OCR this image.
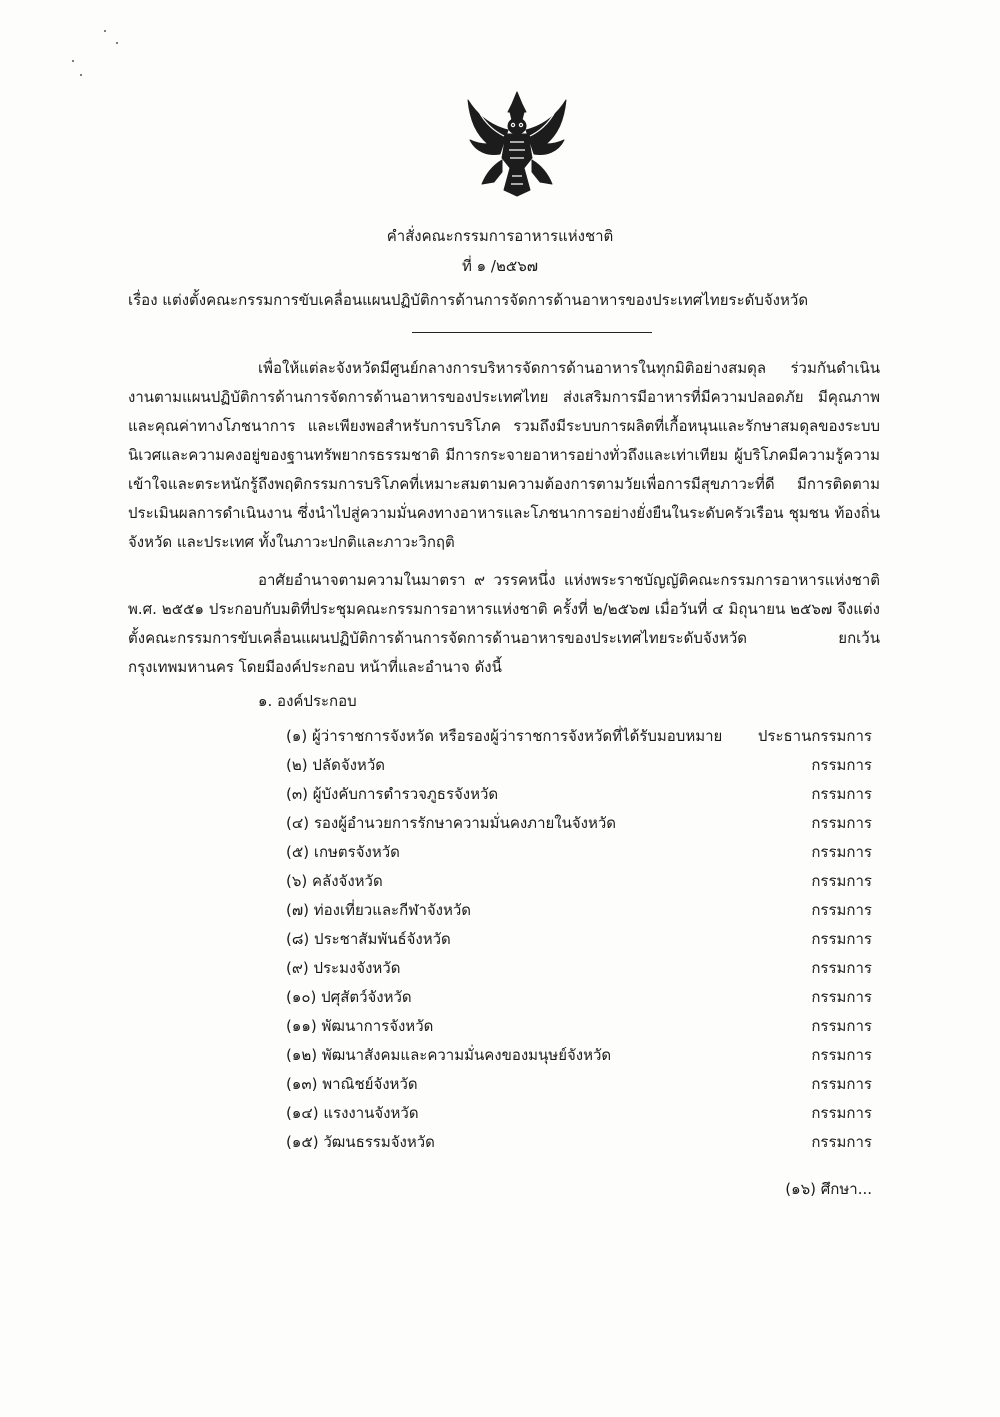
คำสั่งคณะกรรมการอาหารแห่งชาติ
ที่ ๑ /๒๕๖๗
เรื่อง แต่งตั้งคณะกรรมการขับเคลื่อนแผนปฏิบัติการด้านการจัดการด้านอาหารของประเทศไทยระดับจังหวัด
เพื่อให้แต่ละจังหวัดมีศูนย์กลางการบริหารจัดการด้านอาหารในทุกมิติอย่างสมดุล ร่วมกันดำเนินงานตามแผนปฏิบัติการด้านการจัดการด้านอาหารของประเทศไทย ส่งเสริมการมีอาหารที่มีความปลอดภัย มีคุณภาพและคุณค่าทางโภชนาการ และเพียงพอสำหรับการบริโภค รวมถึงมีระบบการผลิตที่เกื้อหนุนและรักษาสมดุลของระบบนิเวศและความคงอยู่ของฐานทรัพยากรธรรมชาติ มีการกระจายอาหารอย่างทั่วถึงและเท่าเทียม ผู้บริโภคมีความรู้ความเข้าใจและตระหนักรู้ถึงพฤติกรรมการบริโภคที่เหมาะสมตามความต้องการตามวัยเพื่อการมีสุขภาวะที่ดี มีการติดตามประเมินผลการดำเนินงาน ซึ่งนำไปสู่ความมั่นคงทางอาหารและโภชนาการอย่างยั่งยืนในระดับครัวเรือน ชุมชน ท้องถิ่น จังหวัด และประเทศ ทั้งในภาวะปกติและภาวะวิกฤติ
อาศัยอำนาจตามความในมาตรา ๙ วรรคหนึ่ง แห่งพระราชบัญญัติคณะกรรมการอาหารแห่งชาติ พ.ศ. ๒๕๕๑ ประกอบกับมติที่ประชุมคณะกรรมการอาหารแห่งชาติ ครั้งที่ ๒/๒๕๖๗ เมื่อวันที่ ๔ มิถุนายน ๒๕๖๗ จึงแต่งตั้งคณะกรรมการขับเคลื่อนแผนปฏิบัติการด้านการจัดการด้านอาหารของประเทศไทยระดับจังหวัด ยกเว้นกรุงเทพมหานคร โดยมีองค์ประกอบ หน้าที่และอำนาจ ดังนี้
๑. องค์ประกอบ
(๑) ผู้ว่าราชการจังหวัด หรือรองผู้ว่าราชการจังหวัดที่ได้รับมอบหมาย ประธานกรรมการ
(๒) ปลัดจังหวัด	กรรมการ
(๓) ผู้บังคับการตำรวจภูธรจังหวัด	กรรมการ
(๔) รองผู้อำนวยการรักษาความมั่นคงภายในจังหวัด	กรรมการ
(๕) เกษตรจังหวัด	กรรมการ
(๖) คลังจังหวัด	กรรมการ
(๗) ท่องเที่ยวและกีฬาจังหวัด	กรรมการ
(๘) ประชาสัมพันธ์จังหวัด	กรรมการ
(๙) ประมงจังหวัด	กรรมการ
(๑๐) ปศุสัตว์จังหวัด	กรรมการ
(๑๑) พัฒนาการจังหวัด	กรรมการ
(๑๒) พัฒนาสังคมและความมั่นคงของมนุษย์จังหวัด	กรรมการ
(๑๓) พาณิชย์จังหวัด	กรรมการ
(๑๔) แรงงานจังหวัด	กรรมการ
(๑๕) วัฒนธรรมจังหวัด	กรรมการ
(๑๖) ศึกษา...
